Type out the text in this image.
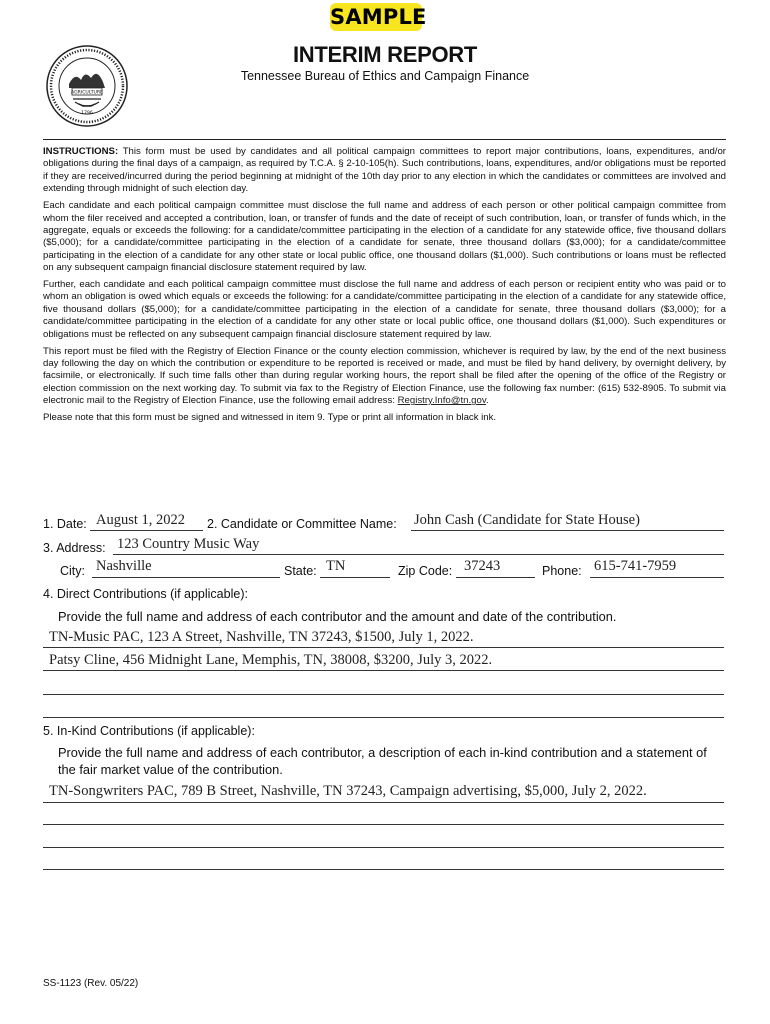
SAMPLE
AGRICULTURE
1796
INTERIM REPORT
Tennessee Bureau of Ethics and Campaign Finance

INSTRUCTIONS: This form must be used by candidates and all political campaign committees to report major contributions, loans, expenditures, and/or obligations during the final days of a campaign, as required by T.C.A. § 2-10-105(h). Such contributions, loans, expenditures, and/or obligations must be reported if they are received/incurred during the period beginning at midnight of the 10th day prior to any election in which the candidates or committees are involved and extending through midnight of such election day.

Each candidate and each political campaign committee must disclose the full name and address of each person or other political campaign committee from whom the filer received and accepted a contribution, loan, or transfer of funds and the date of receipt of such contribution, loan, or transfer of funds which, in the aggregate, equals or exceeds the following: for a candidate/committee participating in the election of a candidate for any statewide office, five thousand dollars ($5,000); for a candidate/committee participating in the election of a candidate for senate, three thousand dollars ($3,000); for a candidate/committee participating in the election of a candidate for any other state or local public office, one thousand dollars ($1,000). Such contributions or loans must be reflected on any subsequent campaign financial disclosure statement required by law.

Further, each candidate and each political campaign committee must disclose the full name and address of each person or recipient entity who was paid or to whom an obligation is owed which equals or exceeds the following: for a candidate/committee participating in the election of a candidate for any statewide office, five thousand dollars ($5,000); for a candidate/committee participating in the election of a candidate for senate, three thousand dollars ($3,000); for a candidate/committee participating in the election of a candidate for any other state or local public office, one thousand dollars ($1,000). Such expenditures or obligations must be reflected on any subsequent campaign financial disclosure statement required by law.

This report must be filed with the Registry of Election Finance or the county election commission, whichever is required by law, by the end of the next business day following the day on which the contribution or expenditure to be reported is received or made, and must be filed by hand delivery, by overnight delivery, by facsimile, or electronically. If such time falls other than during regular working hours, the report shall be filed after the opening of the office of the Registry or election commission on the next working day. To submit via fax to the Registry of Election Finance, use the following fax number: (615) 532-8905. To submit via electronic mail to the Registry of Election Finance, use the following email address: Registry.Info@tn.gov.

Please note that this form must be signed and witnessed in item 9. Type or print all information in black ink.

1. Date: August 1, 2022 2. Candidate or Committee Name: John Cash (Candidate for State House)
3. Address: 123 Country Music Way
City: Nashville	State: TN	Zip Code: 37243	Phone: 615-741-7959
4. Direct Contributions (if applicable):
Provide the full name and address of each contributor and the amount and date of the contribution.
TN-Music PAC, 123 A Street, Nashville, TN 37243, $1500, July 1, 2022.
Patsy Cline, 456 Midnight Lane, Memphis, TN, 38008, $3200, July 3, 2022.
5. In-Kind Contributions (if applicable):
Provide the full name and address of each contributor, a description of each in-kind contribution and a statement of the fair market value of the contribution.
TN-Songwriters PAC, 789 B Street, Nashville, TN 37243, Campaign advertising, $5,000, July 2, 2022.
SS-1123 (Rev. 05/22)
